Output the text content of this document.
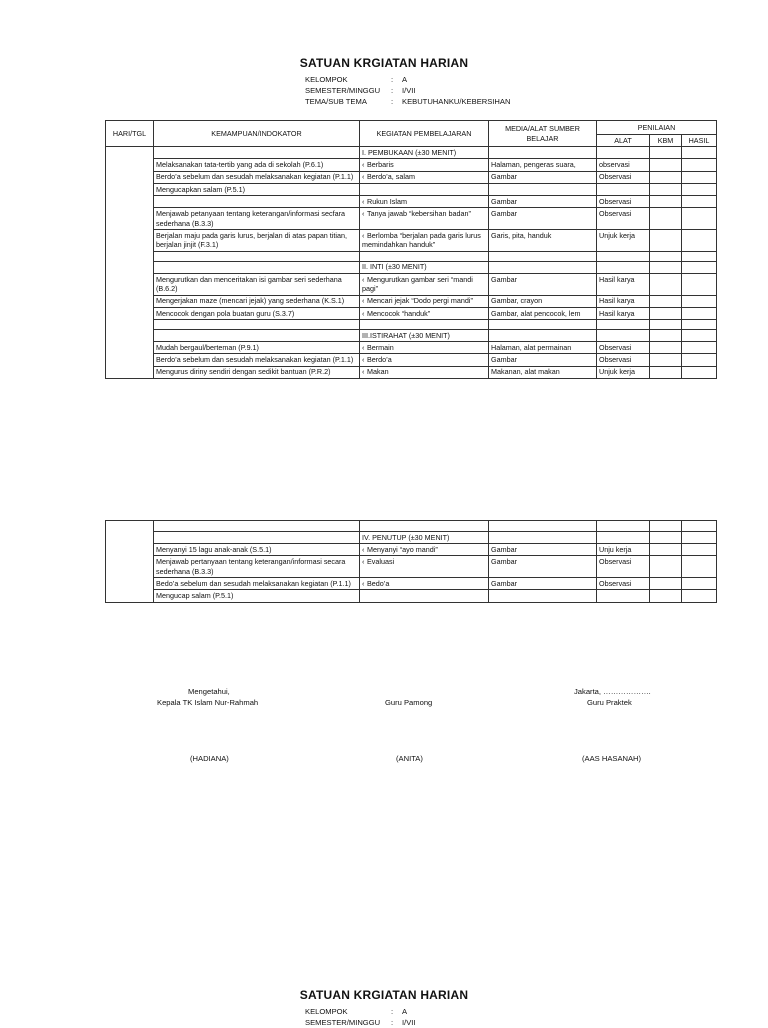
SATUAN KRGIATAN HARIAN
KELOMPOK	:	A
SEMESTER/MINGGU	:	I/VII
TEMA/SUB TEMA	:	KEBUTUHANKU/KEBERSIHAN
HARI/TGL	KEMAMPUAN/INDOKATOR	KEGIATAN PEMBELAJARAN	MEDIA/ALAT SUMBER BELAJAR	PENILAIAN		
				ALAT	KBM	HASIL
		I. PEMBUKAAN (±30 MENIT)				
	Melaksanakan tata-tertib yang ada di sekolah (P.6.1)	‹ Berbaris	Halaman, pengeras suara,	observasi		
	Berdo’a sebelum dan sesudah melaksanakan kegiatan (P.1.1)	‹ Berdo’a, salam	Gambar	Observasi		
	Mengucapkan salam (P.5.1)					
		‹ Rukun Islam	Gambar	Observasi		
	Menjawab petanyaan tentang keterangan/informasi secfara sederhana (B.3.3)	‹ Tanya jawab “kebersihan badan”	Gambar	Observasi		
	Berjalan maju pada garis lurus, berjalan di atas papan titian, berjalan jinjit (F.3.1)	‹ Berlomba “berjalan pada garis lurus memindahkan handuk”	Garis, pita, handuk	Unjuk kerja		

		II. INTI (±30 MENIT)				
	Mengurutkan dan menceritakan isi gambar seri sederhana (B.6.2)	‹ Mengurutkan gambar seri “mandi pagi”	Gambar	Hasil karya		
	Mengerjakan maze (mencari jejak) yang sederhana (K.S.1)	‹ Mencari jejak “Dodo pergi mandi”	Gambar, crayon	Hasil karya		
	Mencocok dengan pola buatan guru (S.3.7)	‹ Mencocok “handuk”	Gambar, alat pencocok, lem	Hasil karya		

		III.ISTIRAHAT (±30 MENIT)				
	Mudah bergaul/berteman (P.9.1)	‹ Bermain	Halaman, alat permainan	Observasi		
	Berdo’a sebelum dan sesudah melaksanakan kegiatan (P.1.1)	‹ Berdo’a	Gambar	Observasi		
	Mengurus diriny sendiri dengan sedikit bantuan (P.R.2)	‹ Makan	Makanan, alat makan	Unjuk kerja		

		IV. PENUTUP (±30 MENIT)				
	Menyanyi 15 lagu anak-anak (S.5.1)	‹ Menyanyi “ayo mandi”	Gambar	Unju kerja		
	Menjawab pertanyaan tentang keterangan/informasi secara sederhana (B.3.3)	‹ Evaluasi	Gambar	Observasi		
	Bedo’a sebelum dan sesudah melaksanakan kegiatan (P.1.1)	‹ Bedo’a	Gambar	Observasi		
	Mengucap salam (P.5.1)					
Mengetahui,
Kepala TK Islam Nur-Rahmah
(HADIANA)
Guru Pamong
(ANITA)
Jakarta, ……………….
Guru Praktek
(AAS HASANAH)
SATUAN KRGIATAN HARIAN
KELOMPOK	:	A
SEMESTER/MINGGU	:	I/VII
